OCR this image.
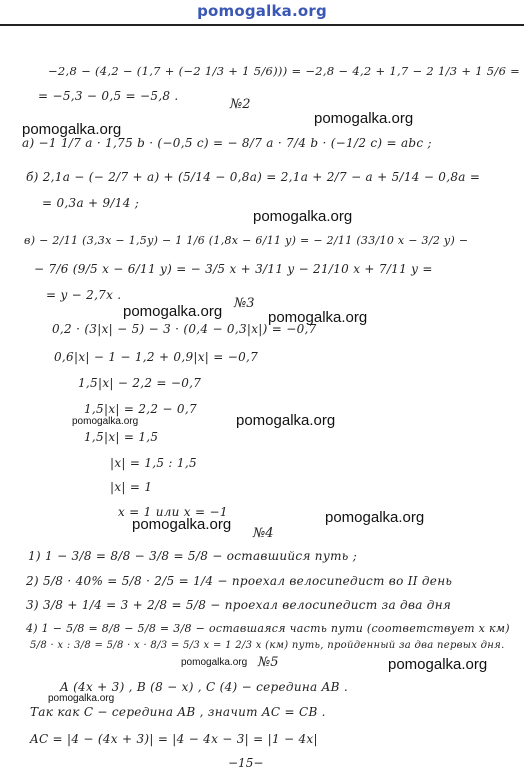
pomogalka.org
pomogalka.org
pomogalka.org
pomogalka.org
pomogalka.org	pomogalka.org
pomogalka.org	pomogalka.org
pomogalka.org	pomogalka.org
pomogalka.org	pomogalka.org
pomogalka.org
№2
№3
№4
№5
−2,8 − (4,2 − (1,7 + (−2 1/3 + 1 5/6))) = −2,8 − 4,2 + 1,7 − 2 1/3 + 1 5/6 =
= −5,3 − 0,5 = −5,8 .
а) −1 1/7 а · 1,75 b · (−0,5 с) = − 8/7 а · 7/4 b · (−1/2 с) = abc ;
б) 2,1а − (− 2/7 + а) + (5/14 − 0,8а) = 2,1а + 2/7 − а + 5/14 − 0,8а =
= 0,3а + 9/14 ;
в) − 2/11 (3,3x − 1,5y) − 1 1/6 (1,8x − 6/11 y) = − 2/11 (33/10 x − 3/2 y) −
− 7/6 (9/5 x − 6/11 y) = − 3/5 x + 3/11 y − 21/10 x + 7/11 y =
= y − 2,7x .
0,2 · (3|x| − 5) − 3 · (0,4 − 0,3|x|) = −0,7
0,6|x| − 1 − 1,2 + 0,9|x| = −0,7
1,5|x| − 2,2 = −0,7
1,5|x| = 2,2 − 0,7
1,5|x| = 1,5
|x| = 1,5 : 1,5
|x| = 1
x = 1 или x = −1
1) 1 − 3/8 = 8/8 − 3/8 = 5/8 − оставшийся путь ;
2) 5/8 · 40% = 5/8 · 2/5 = 1/4 − проехал велосипедист во II день
3) 3/8 + 1/4 = 3 + 2/8 = 5/8 − проехал велосипедист за два дня
4) 1 − 5/8 = 8/8 − 5/8 = 3/8 − оставшаяся часть пути (соответствует x км)
5/8 · x : 3/8 = 5/8 · x · 8/3 = 5/3 x = 1 2/3 x (км) путь, пройденный за два первых дня.
A (4x + 3) , B (8 − x) , C (4) − середина AB .
Так как C − середина AB , значит AC = CB .
AC = |4 − (4x + 3)| = |4 − 4x − 3| = |1 − 4x|
−15−
